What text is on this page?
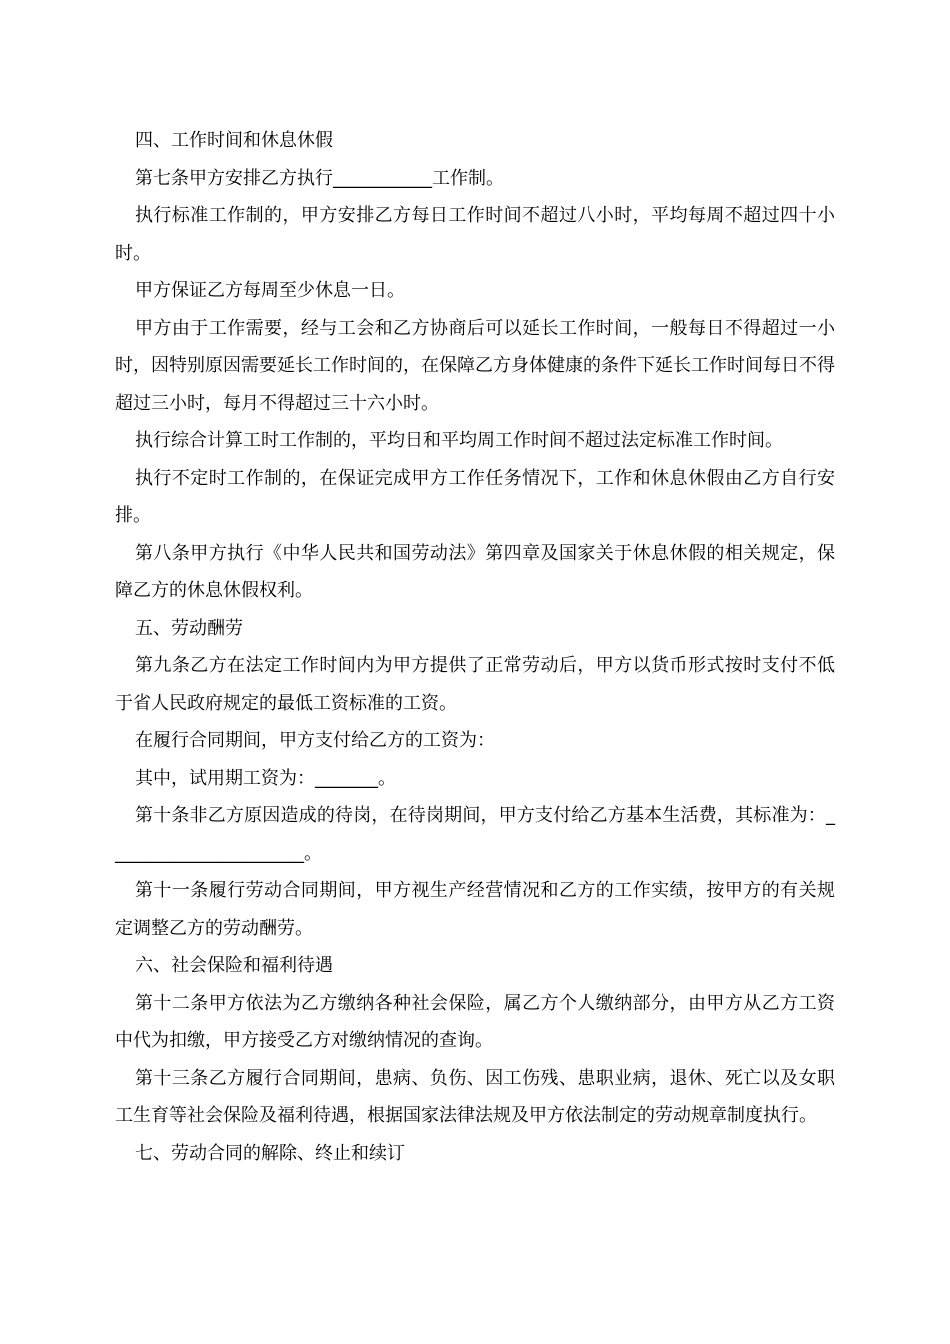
四、工作时间和休息休假

第七条甲方安排乙方执行___________工作制。

执行标准工作制的，甲方安排乙方每日工作时间不超过八小时，平均每周不超过四十小时。

甲方保证乙方每周至少休息一日。

甲方由于工作需要，经与工会和乙方协商后可以延长工作时间，一般每日不得超过一小时，因特别原因需要延长工作时间的，在保障乙方身体健康的条件下延长工作时间每日不得超过三小时，每月不得超过三十六小时。

执行综合计算工时工作制的，平均日和平均周工作时间不超过法定标准工作时间。

执行不定时工作制的，在保证完成甲方工作任务情况下，工作和休息休假由乙方自行安排。

第八条甲方执行《中华人民共和国劳动法》第四章及国家关于休息休假的相关规定，保障乙方的休息休假权利。

五、劳动酬劳

第九条乙方在法定工作时间内为甲方提供了正常劳动后，甲方以货币形式按时支付不低于省人民政府规定的最低工资标准的工资。

在履行合同期间，甲方支付给乙方的工资为：

其中，试用期工资为：_______。

第十条非乙方原因造成的待岗，在待岗期间，甲方支付给乙方基本生活费，其标准为：______________________。

第十一条履行劳动合同期间，甲方视生产经营情况和乙方的工作实绩，按甲方的有关规定调整乙方的劳动酬劳。

六、社会保险和福利待遇

第十二条甲方依法为乙方缴纳各种社会保险，属乙方个人缴纳部分，由甲方从乙方工资中代为扣缴，甲方接受乙方对缴纳情况的查询。

第十三条乙方履行合同期间，患病、负伤、因工伤残、患职业病，退休、死亡以及女职工生育等社会保险及福利待遇，根据国家法律法规及甲方依法制定的劳动规章制度执行。

七、劳动合同的解除、终止和续订
